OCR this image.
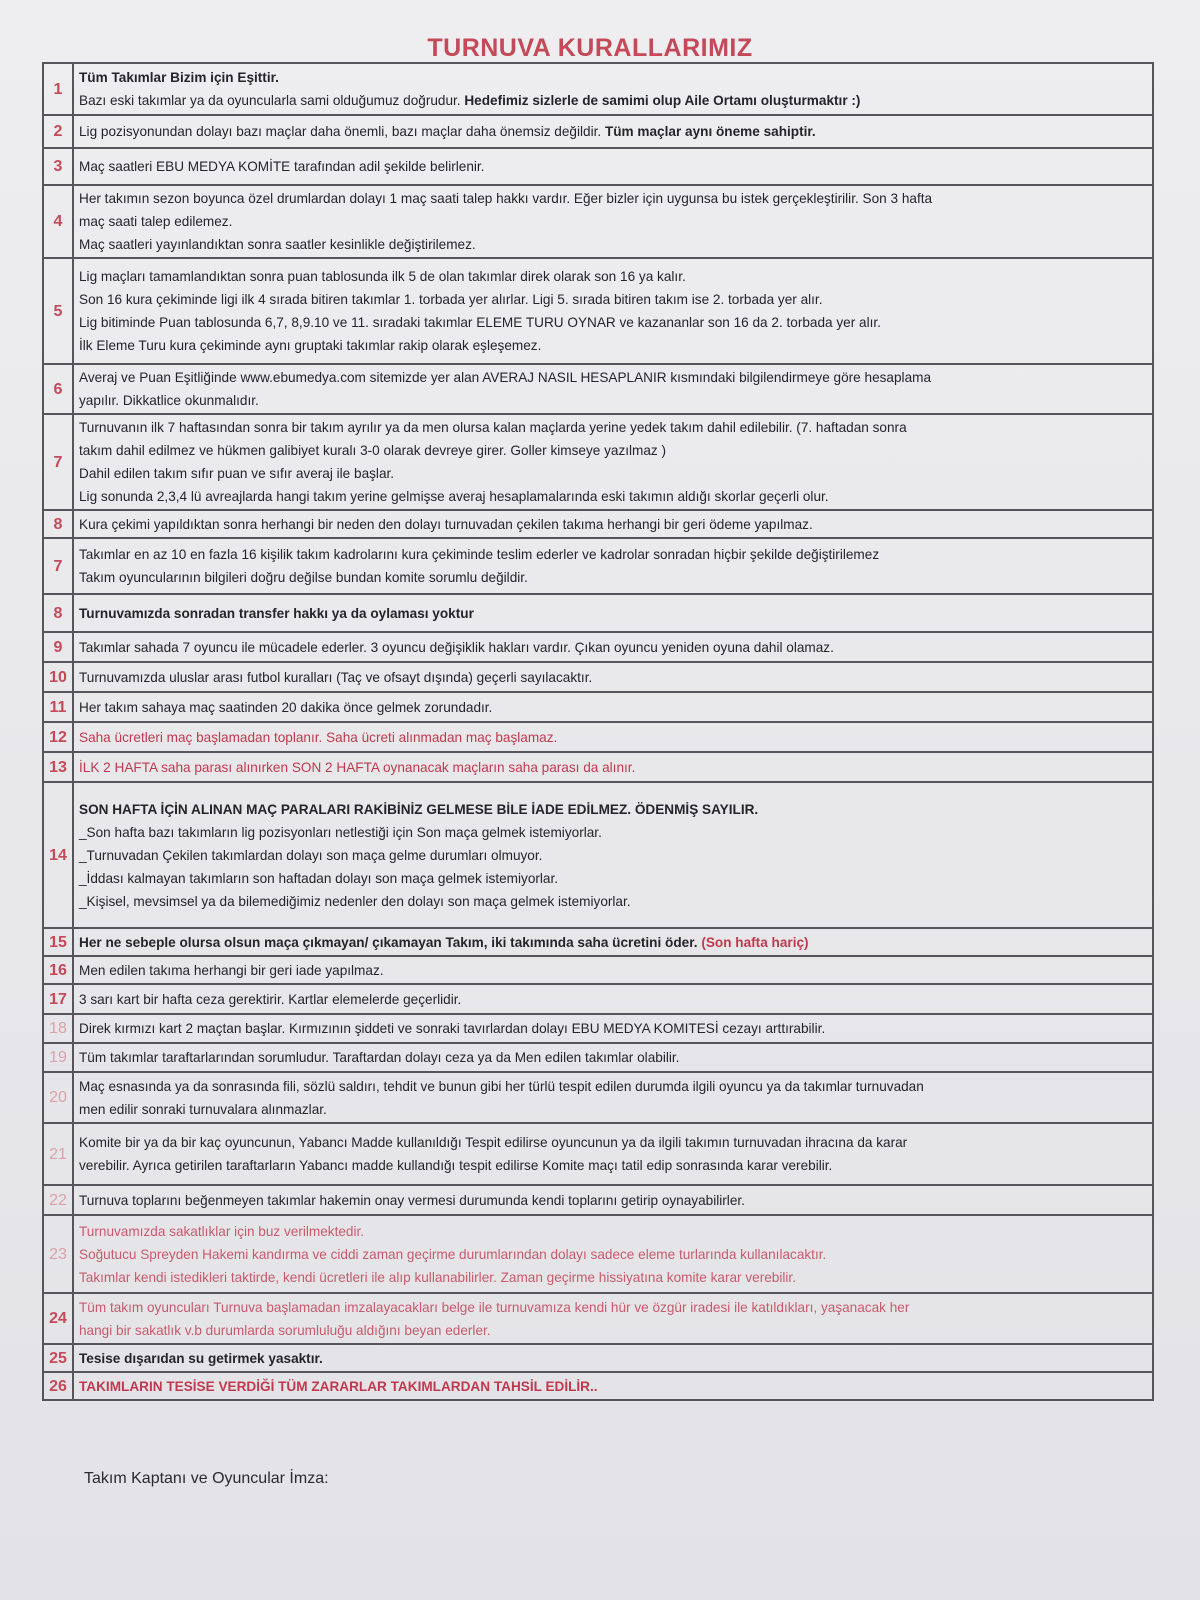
TURNUVA KURALLARIMIZ
1	Tüm Takımlar Bizim için Eşittir.
Bazı eski takımlar ya da oyuncularla sami olduğumuz doğrudur. Hedefimiz sizlerle de samimi olup Aile Ortamı oluşturmaktır :)

2	Lig pozisyonundan dolayı bazı maçlar daha önemli, bazı maçlar daha önemsiz değildir. Tüm maçlar aynı öneme sahiptir.

3	Maç saatleri EBU MEDYA KOMİTE tarafından adil şekilde belirlenir.

4	Her takımın sezon boyunca özel drumlardan dolayı 1 maç saati talep hakkı vardır. Eğer bizler için uygunsa bu istek gerçekleştirilir. Son 3 hafta
maç saati talep edilemez.
Maç saatleri yayınlandıktan sonra saatler kesinlikle değiştirilemez.

5	Lig maçları tamamlandıktan sonra puan tablosunda ilk 5 de olan takımlar direk olarak son 16 ya kalır.
Son 16 kura çekiminde ligi ilk 4 sırada bitiren takımlar 1. torbada yer alırlar. Ligi 5. sırada bitiren takım ise 2. torbada yer alır.
Lig bitiminde Puan tablosunda 6,7, 8,9.10 ve 11. sıradaki takımlar ELEME TURU OYNAR ve kazananlar son 16 da 2. torbada yer alır.
İlk Eleme Turu kura çekiminde aynı gruptaki takımlar rakip olarak eşleşemez.

6	Averaj ve Puan Eşitliğinde www.ebumedya.com sitemizde yer alan AVERAJ NASIL HESAPLANIR kısmındaki bilgilendirmeye göre hesaplama
yapılır. Dikkatlice okunmalıdır.

7	Turnuvanın ilk 7 haftasından sonra bir takım ayrılır ya da men olursa kalan maçlarda yerine yedek takım dahil edilebilir. (7. haftadan sonra
takım dahil edilmez ve hükmen galibiyet kuralı 3-0 olarak devreye girer. Goller kimseye yazılmaz )
Dahil edilen takım sıfır puan ve sıfır averaj ile başlar.
Lig sonunda 2,3,4 lü avreajlarda hangi takım yerine gelmişse averaj hesaplamalarında eski takımın aldığı skorlar geçerli olur.

8	Kura çekimi yapıldıktan sonra herhangi bir neden den dolayı turnuvadan çekilen takıma herhangi bir geri ödeme yapılmaz.

7	Takımlar en az 10 en fazla 16 kişilik takım kadrolarını kura çekiminde teslim ederler ve kadrolar sonradan hiçbir şekilde değiştirilemez
Takım oyuncularının bilgileri doğru değilse bundan komite sorumlu değildir.

8	Turnuvamızda sonradan transfer hakkı ya da oylaması yoktur

9	Takımlar sahada 7 oyuncu ile mücadele ederler. 3 oyuncu değişiklik hakları vardır. Çıkan oyuncu yeniden oyuna dahil olamaz.

10	Turnuvamızda uluslar arası futbol kuralları (Taç ve ofsayt dışında) geçerli sayılacaktır.

11	Her takım sahaya maç saatinden 20 dakika önce gelmek zorundadır.

12	Saha ücretleri maç başlamadan toplanır. Saha ücreti alınmadan maç başlamaz.

13	İLK 2 HAFTA saha parası alınırken SON 2 HAFTA oynanacak maçların saha parası da alınır.

14	SON HAFTA İÇİN ALINAN MAÇ PARALARI RAKİBİNİZ GELMESE BİLE İADE EDİLMEZ. ÖDENMİŞ SAYILIR.
_Son hafta bazı takımların lig pozisyonları netlestiği için Son maça gelmek istemiyorlar.
_Turnuvadan Çekilen takımlardan dolayı son maça gelme durumları olmuyor.
_İddası kalmayan takımların son haftadan dolayı son maça gelmek istemiyorlar.
_Kişisel, mevsimsel ya da bilemediğimiz nedenler den dolayı son maça gelmek istemiyorlar.

15	Her ne sebeple olursa olsun maça çıkmayan/ çıkamayan Takım, iki takımında saha ücretini öder. (Son hafta hariç)

16	Men edilen takıma herhangi bir geri iade yapılmaz.

17	3 sarı kart bir hafta ceza gerektirir. Kartlar elemelerde geçerlidir.

18	Direk kırmızı kart 2 maçtan başlar. Kırmızının şiddeti ve sonraki tavırlardan dolayı EBU MEDYA KOMITESİ cezayı arttırabilir.

19	Tüm takımlar taraftarlarından sorumludur. Taraftardan dolayı ceza ya da Men edilen takımlar olabilir.

20	Maç esnasında ya da sonrasında fili, sözlü saldırı, tehdit ve bunun gibi her türlü tespit edilen durumda ilgili oyuncu ya da takımlar turnuvadan
men edilir sonraki turnuvalara alınmazlar.

21	Komite bir ya da bir kaç oyuncunun, Yabancı Madde kullanıldığı Tespit edilirse oyuncunun ya da ilgili takımın turnuvadan ihracına da karar
verebilir. Ayrıca getirilen taraftarların Yabancı madde kullandığı tespit edilirse Komite maçı tatil edip sonrasında karar verebilir.

22	Turnuva toplarını beğenmeyen takımlar hakemin onay vermesi durumunda kendi toplarını getirip oynayabilirler.

23	Turnuvamızda sakatlıklar için buz verilmektedir.
Soğutucu Spreyden Hakemi kandırma ve ciddi zaman geçirme durumlarından dolayı sadece eleme turlarında kullanılacaktır.
Takımlar kendi istedikleri taktirde, kendi ücretleri ile alıp kullanabilirler. Zaman geçirme hissiyatına komite karar verebilir.

24	Tüm takım oyuncuları Turnuva başlamadan imzalayacakları belge ile turnuvamıza kendi hür ve özgür iradesi ile katıldıkları, yaşanacak her
hangi bir sakatlık v.b durumlarda sorumluluğu aldığını beyan ederler.

25	Tesise dışarıdan su getirmek yasaktır.

26	TAKIMLARIN TESİSE VERDİĞİ TÜM ZARARLAR TAKIMLARDAN TAHSİL EDİLİR..
Takım Kaptanı ve Oyuncular İmza:
